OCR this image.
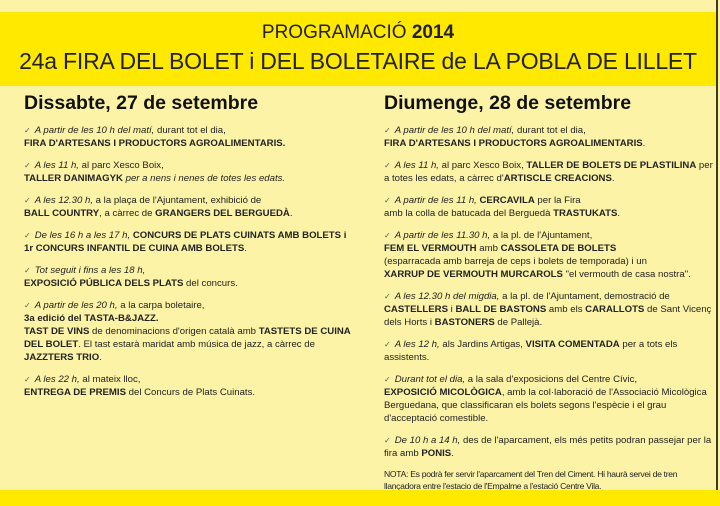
PROGRAMACIÓ 2014
24a FIRA DEL BOLET i DEL BOLETAIRE de LA POBLA DE LILLET
Dissabte, 27 de setembre
✓ A partir de les 10 h del matí, durant tot el dia,
FIRA D'ARTESANS I PRODUCTORS AGROALIMENTARIS.
✓ A les 11 h, al parc Xesco Boix,
TALLER DANIMAGYK per a nens i nenes de totes les edats.
✓ A les 12.30 h, a la plaça de l'Ajuntament, exhibició de
BALL COUNTRY, a càrrec de GRANGERS DEL BERGUEDÀ.
✓ De les 16 h a les 17 h, CONCURS DE PLATS CUINATS AMB BOLETS i 1r CONCURS INFANTIL DE CUINA AMB BOLETS.
✓ Tot seguit i fins a les 18 h,
EXPOSICIÓ PÚBLICA DELS PLATS del concurs.
✓ A partir de les 20 h, a la carpa boletaire,
3a edició del TASTA-B&JAZZ.
TAST DE VINS de denominacions d'origen català amb TASTETS DE CUINA DEL BOLET. El tast estarà maridat amb música de jazz, a càrrec de JAZZTERS TRIO.
✓ A les 22 h, al mateix lloc,
ENTREGA DE PREMIS del Concurs de Plats Cuinats.
Diumenge, 28 de setembre
✓ A partir de les 10 h del matí, durant tot el dia,
FIRA D'ARTESANS I PRODUCTORS AGROALIMENTARIS.
✓ A les 11 h, al parc Xesco Boix, TALLER DE BOLETS DE PLASTILINA per a totes les edats, a càrrec d'ARTISCLE CREACIONS.
✓ A partir de les 11 h, CERCAVILA per la Fira
amb la colla de batucada del Berguedà TRASTUKATS.
✓ A partir de les 11.30 h, a la pl. de l'Ajuntament,
FEM EL VERMOUTH amb CASSOLETA DE BOLETS
(esparracada amb barreja de ceps i bolets de temporada) i un
XARRUP DE VERMOUTH MURCAROLS "el vermouth de casa nostra".
✓ A les 12.30 h del migdia, a la pl. de l'Ajuntament, demostració de CASTELLERS i BALL DE BASTONS amb els CARALLOTS de Sant Vicenç dels Horts i BASTONERS de Pallejà.
✓ A les 12 h, als Jardins Artigas, VISITA COMENTADA per a tots els assistents.
✓ Durant tot el dia, a la sala d'exposicions del Centre Cívic,
EXPOSICIÓ MICOLÒGICA, amb la col·laboració de l'Associació Micològica Berguedana, que classificaran els bolets segons l'espècie i el grau d'acceptació comestible.
✓ De 10 h a 14 h, des de l'aparcament, els més petits podran passejar per la fira amb PONIS.
NOTA: Es podrà fer servir l'aparcament del Tren del Ciment. Hi haurà servei de tren llançadora entre l'estacio de l'Empalme a l'estació Centre Vila.
